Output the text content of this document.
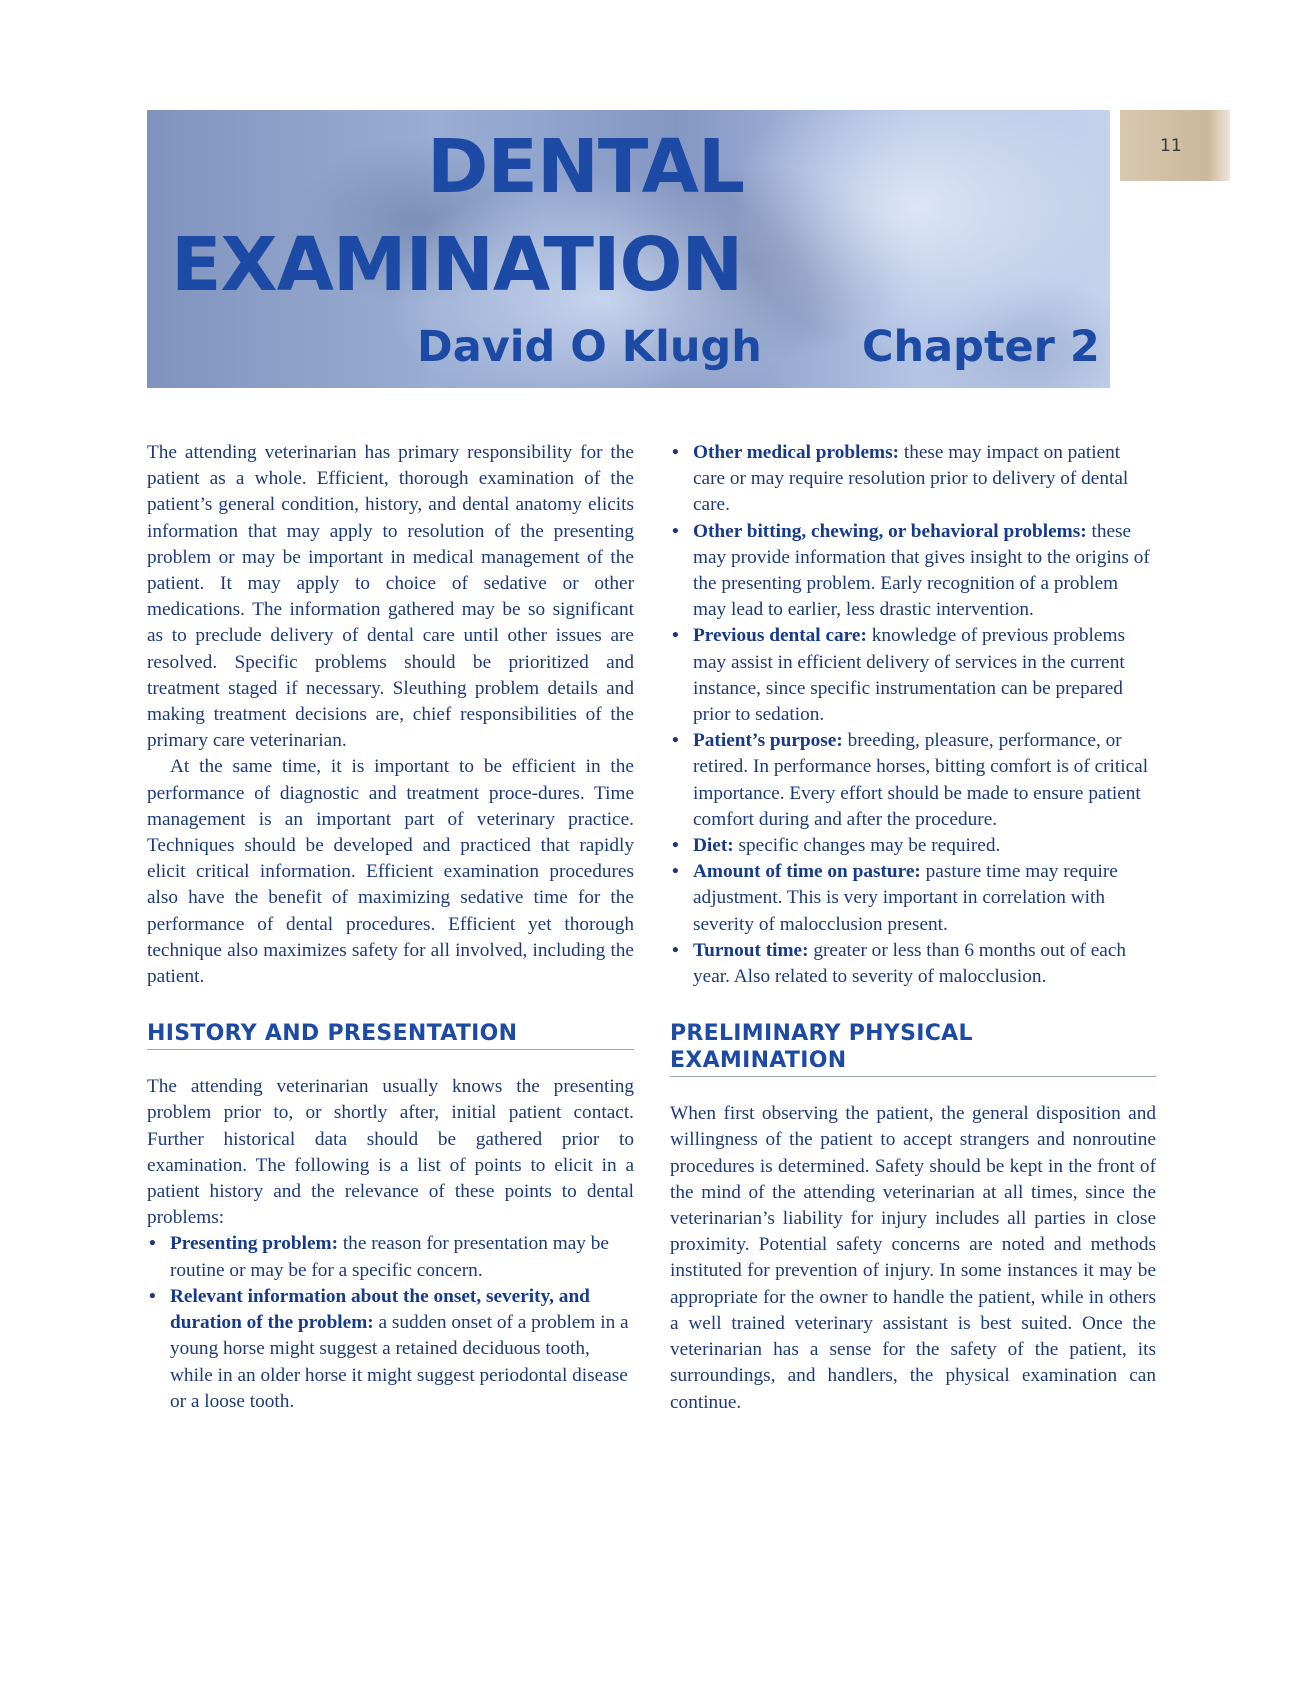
DENTAL
EXAMINATION
David O Klugh Chapter 2
11

The attending veterinarian has primary responsibility for the patient as a whole. Efficient, thorough examination of the patient’s general condition, history, and dental anatomy elicits information that may apply to resolution of the presenting problem or may be important in medical management of the patient. It may apply to choice of sedative or other medications. The information gathered may be so significant as to preclude delivery of dental care until other issues are resolved. Specific problems should be prioritized and treatment staged if necessary. Sleuthing problem details and making treatment decisions are, chief responsibilities of the primary care veterinarian.

At the same time, it is important to be efficient in the performance of diagnostic and treatment proce-dures. Time management is an important part of veterinary practice. Techniques should be developed and practiced that rapidly elicit critical information. Efficient examination procedures also have the benefit of maximizing sedative time for the performance of dental procedures. Efficient yet thorough technique also maximizes safety for all involved, including the patient.

HISTORY AND PRESENTATION

The attending veterinarian usually knows the presenting problem prior to, or shortly after, initial patient contact. Further historical data should be gathered prior to examination. The following is a list of points to elicit in a patient history and the relevance of these points to dental problems:

• Presenting problem: the reason for presentation may be routine or may be for a specific concern.
• Relevant information about the onset, severity, and duration of the problem: a sudden onset of a problem in a young horse might suggest a retained deciduous tooth, while in an older horse it might suggest periodontal disease or a loose tooth.
• Other medical problems: these may impact on patient care or may require resolution prior to delivery of dental care.
• Other bitting, chewing, or behavioral problems: these may provide information that gives insight to the origins of the presenting problem. Early recognition of a problem may lead to earlier, less drastic intervention.
• Previous dental care: knowledge of previous problems may assist in efficient delivery of services in the current instance, since specific instrumentation can be prepared prior to sedation.
• Patient’s purpose: breeding, pleasure, performance, or retired. In performance horses, bitting comfort is of critical importance. Every effort should be made to ensure patient comfort during and after the procedure.
• Diet: specific changes may be required.
• Amount of time on pasture: pasture time may require adjustment. This is very important in correlation with severity of malocclusion present.
• Turnout time: greater or less than 6 months out of each year. Also related to severity of malocclusion.
PRELIMINARY PHYSICAL EXAMINATION

When first observing the patient, the general disposition and willingness of the patient to accept strangers and nonroutine procedures is determined. Safety should be kept in the front of the mind of the attending veterinarian at all times, since the veterinarian’s liability for injury includes all parties in close proximity. Potential safety concerns are noted and methods instituted for prevention of injury. In some instances it may be appropriate for the owner to handle the patient, while in others a well trained veterinary assistant is best suited. Once the veterinarian has a sense for the safety of the patient, its surroundings, and handlers, the physical examination can continue.
